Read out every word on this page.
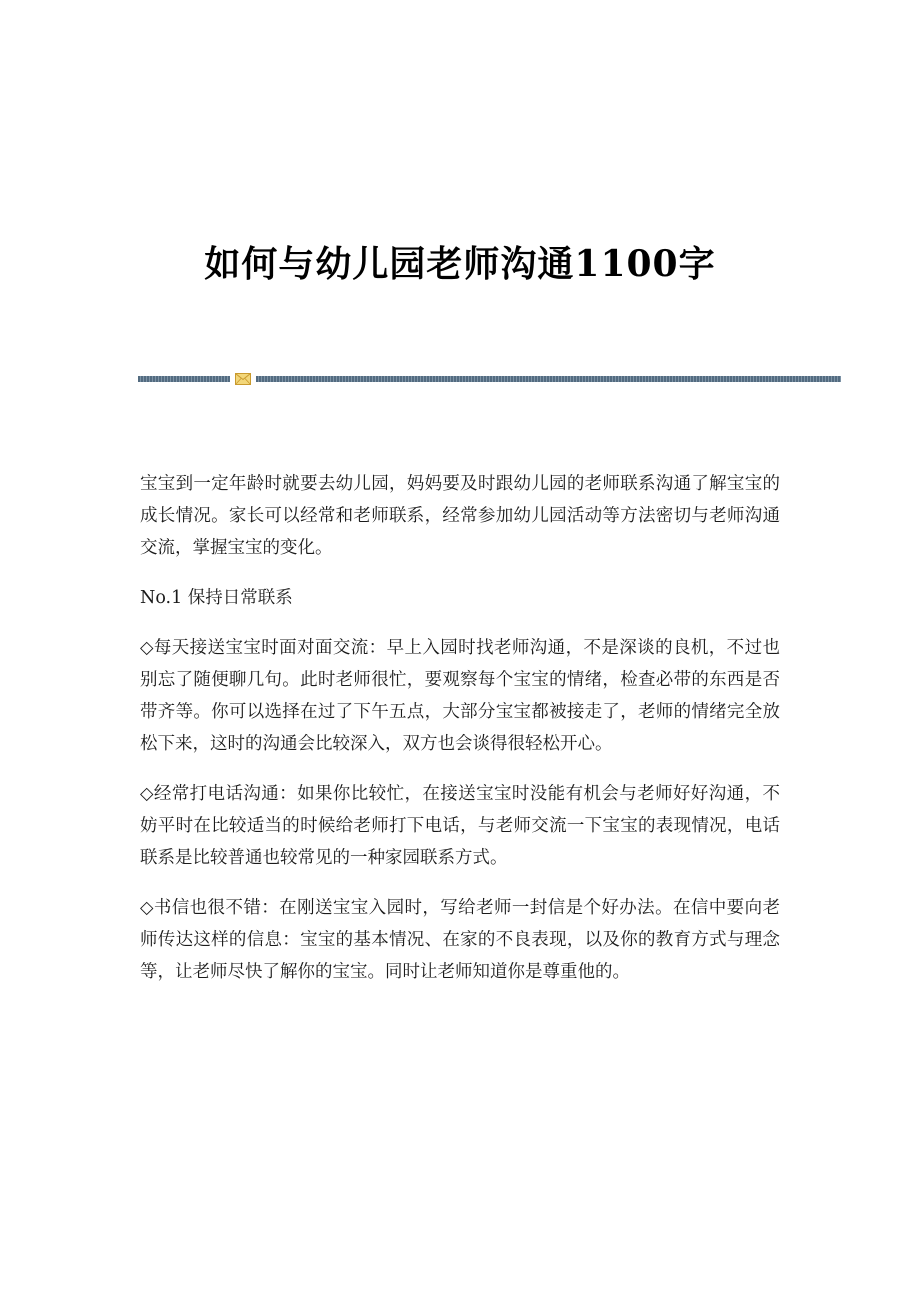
如何与幼儿园老师沟通1100字

宝宝到一定年龄时就要去幼儿园，妈妈要及时跟幼儿园的老师联系沟通了解宝宝的成长情况。家长可以经常和老师联系，经常参加幼儿园活动等方法密切与老师沟通交流，掌握宝宝的变化。

No.1 保持日常联系

◇每天接送宝宝时面对面交流：早上入园时找老师沟通，不是深谈的良机，不过也别忘了随便聊几句。此时老师很忙，要观察每个宝宝的情绪，检查必带的东西是否带齐等。你可以选择在过了下午五点，大部分宝宝都被接走了，老师的情绪完全放松下来，这时的沟通会比较深入，双方也会谈得很轻松开心。

◇经常打电话沟通：如果你比较忙，在接送宝宝时没能有机会与老师好好沟通，不妨平时在比较适当的时候给老师打下电话，与老师交流一下宝宝的表现情况，电话联系是比较普通也较常见的一种家园联系方式。

◇书信也很不错：在刚送宝宝入园时，写给老师一封信是个好办法。在信中要向老师传达这样的信息：宝宝的基本情况、在家的不良表现，以及你的教育方式与理念等，让老师尽快了解你的宝宝。同时让老师知道你是尊重他的。
